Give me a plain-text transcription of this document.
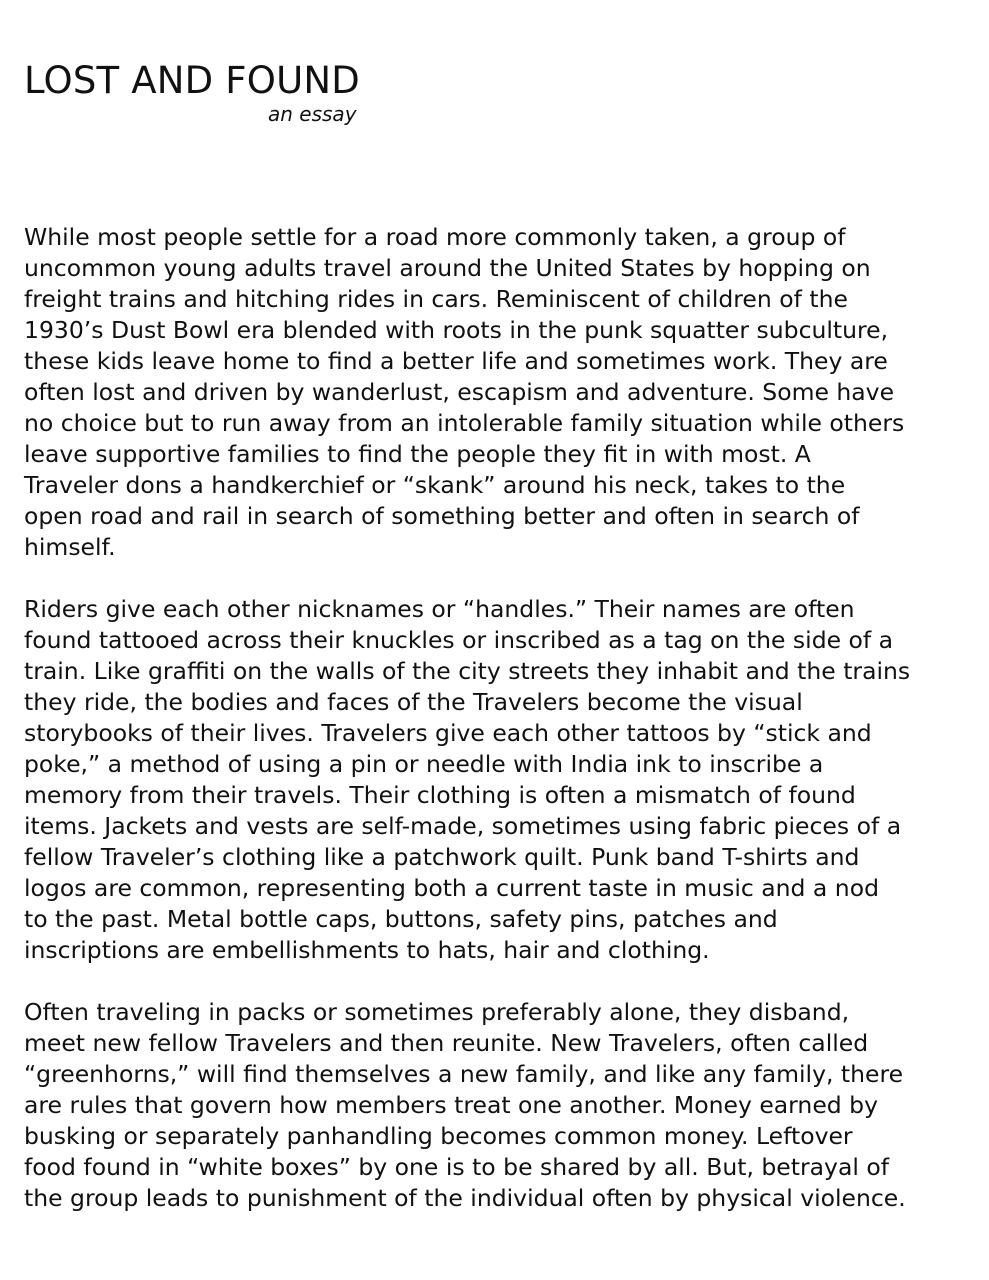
LOST AND FOUND
an essay

While most people settle for a road more commonly taken, a group of
uncommon young adults travel around the United States by hopping on
freight trains and hitching rides in cars. Reminiscent of children of the
1930’s Dust Bowl era blended with roots in the punk squatter subculture,
these kids leave home to find a better life and sometimes work. They are
often lost and driven by wanderlust, escapism and adventure. Some have
no choice but to run away from an intolerable family situation while others
leave supportive families to find the people they fit in with most. A
Traveler dons a handkerchief or “skank” around his neck, takes to the
open road and rail in search of something better and often in search of
himself.

Riders give each other nicknames or “handles.” Their names are often
found tattooed across their knuckles or inscribed as a tag on the side of a
train. Like graffiti on the walls of the city streets they inhabit and the trains
they ride, the bodies and faces of the Travelers become the visual
storybooks of their lives. Travelers give each other tattoos by “stick and
poke,” a method of using a pin or needle with India ink to inscribe a
memory from their travels. Their clothing is often a mismatch of found
items. Jackets and vests are self-made, sometimes using fabric pieces of a
fellow Traveler’s clothing like a patchwork quilt. Punk band T-shirts and
logos are common, representing both a current taste in music and a nod
to the past. Metal bottle caps, buttons, safety pins, patches and
inscriptions are embellishments to hats, hair and clothing.

Often traveling in packs or sometimes preferably alone, they disband,
meet new fellow Travelers and then reunite. New Travelers, often called
“greenhorns,” will find themselves a new family, and like any family, there
are rules that govern how members treat one another. Money earned by
busking or separately panhandling becomes common money. Leftover
food found in “white boxes” by one is to be shared by all. But, betrayal of
the group leads to punishment of the individual often by physical violence.
